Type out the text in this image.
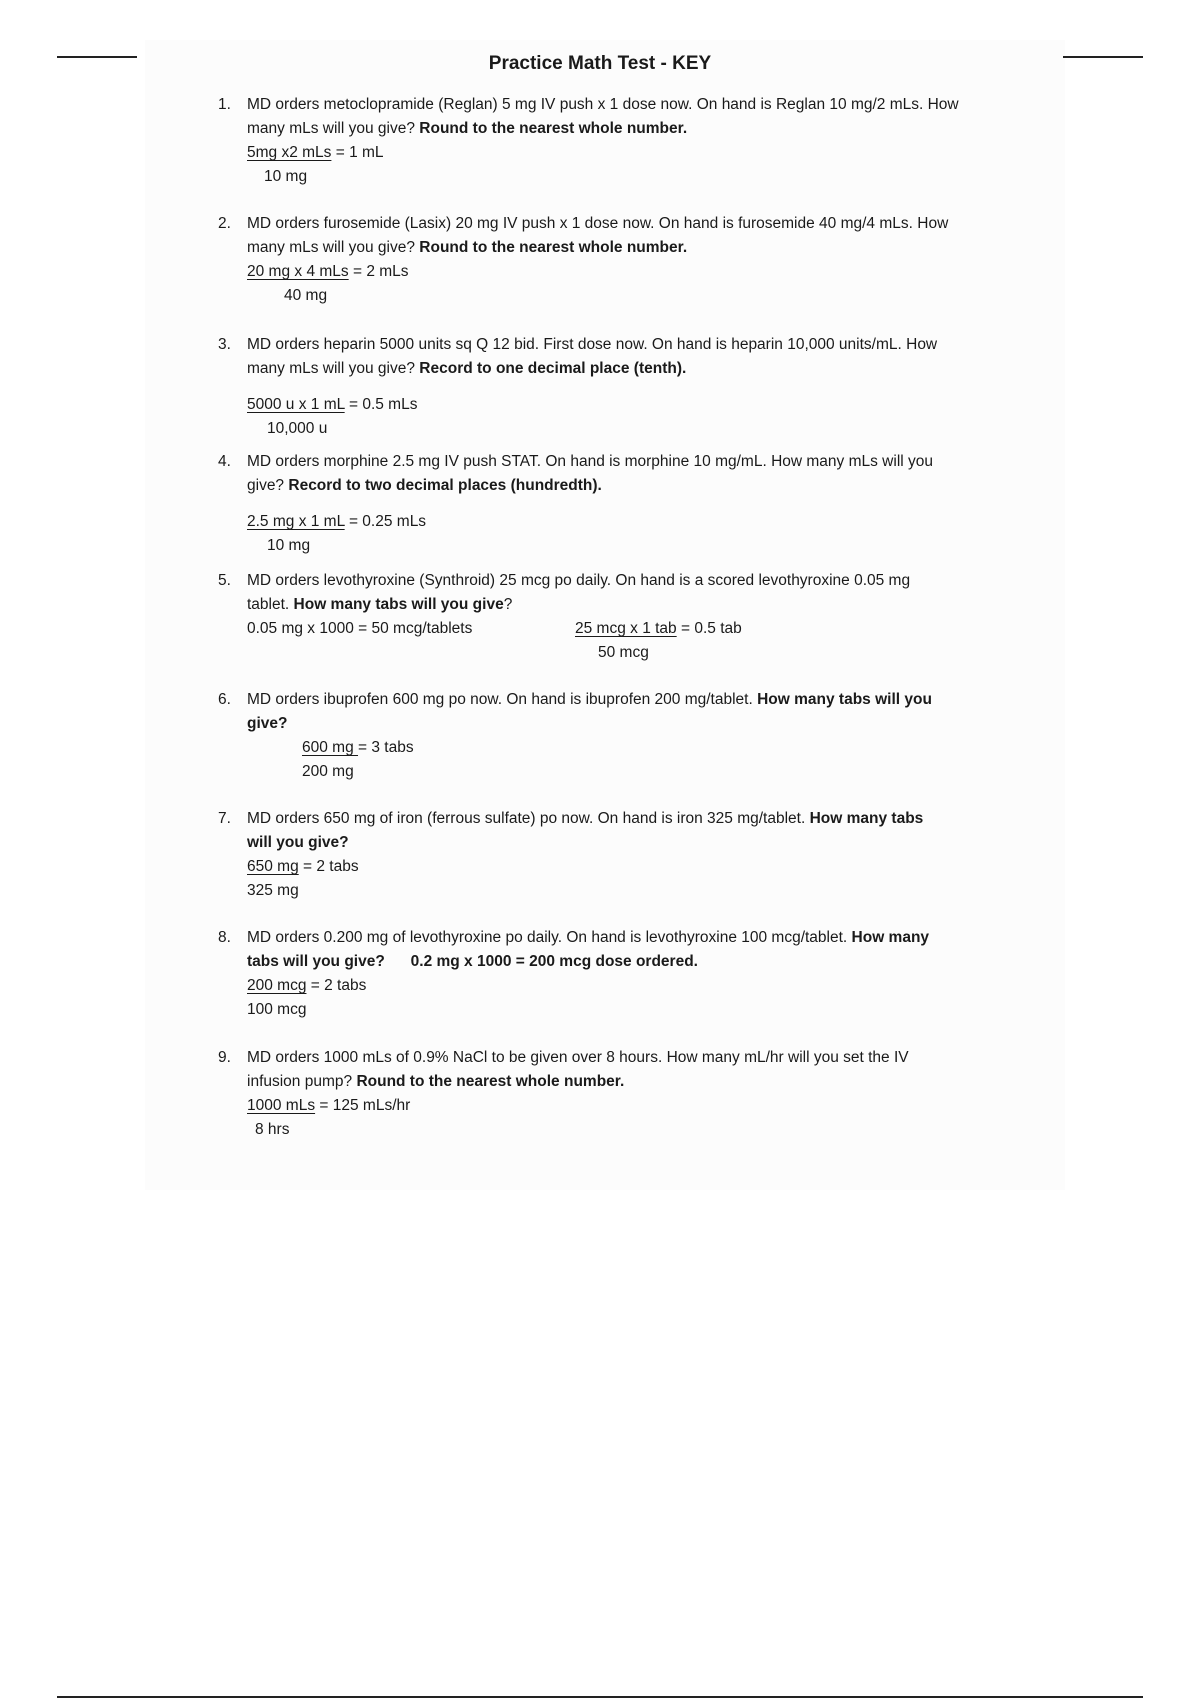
Practice Math Test - KEY
1.	MD orders metoclopramide (Reglan) 5 mg IV push x 1 dose now. On hand is Reglan 10 mg/2 mLs. How

many mLs will you give? Round to the nearest whole number.

5mg x2 mLs = 1 mL
10 mg
2.	MD orders furosemide (Lasix) 20 mg IV push x 1 dose now. On hand is furosemide 40 mg/4 mLs. How

many mLs will you give? Round to the nearest whole number.

20 mg x 4 mLs = 2 mLs
40 mg
3.	MD orders heparin 5000 units sq Q 12 bid. First dose now. On hand is heparin 10,000 units/mL. How

many mLs will you give? Record to one decimal place (tenth).

5000 u x 1 mL = 0.5 mLs
10,000 u
4.	MD orders morphine 2.5 mg IV push STAT. On hand is morphine 10 mg/mL. How many mLs will you

give? Record to two decimal places (hundredth).

2.5 mg x 1 mL = 0.25 mLs
10 mg
5.	MD orders levothyroxine (Synthroid) 25 mcg po daily. On hand is a scored levothyroxine 0.05 mg

tablet. How many tabs will you give?

0.05 mg x 1000 = 50 mcg/tablets	25 mcg x 1 tab = 0.5 tab
50 mcg
6.	MD orders ibuprofen 600 mg po now. On hand is ibuprofen 200 mg/tablet. How many tabs will you

give?

600 mg = 3 tabs
200 mg
7.	MD orders 650 mg of iron (ferrous sulfate) po now. On hand is iron 325 mg/tablet. How many tabs

will you give?

650 mg = 2 tabs
325 mg
8.	MD orders 0.200 mg of levothyroxine po daily. On hand is levothyroxine 100 mcg/tablet. How many

tabs will you give?      0.2 mg x 1000 = 200 mcg dose ordered.

200 mcg = 2 tabs
100 mcg
9.	MD orders 1000 mLs of 0.9% NaCl to be given over 8 hours. How many mL/hr will you set the IV

infusion pump? Round to the nearest whole number.

1000 mLs = 125 mLs/hr
8 hrs
